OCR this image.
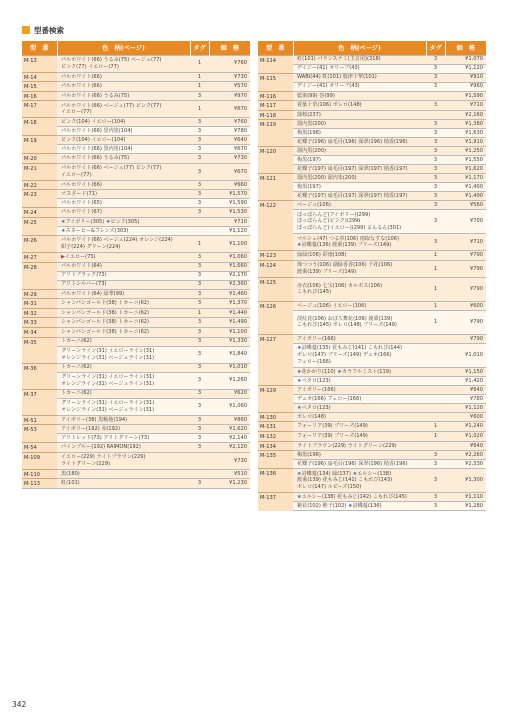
型番検索
型　番	色　柄(ページ)	タグ	価　格
M-13	パルホワイト(66) うるみ(75) ベージュ(77)
ピンク(77) イエロー(77)	1	¥760
M-14	パルホワイト(66)	1	¥730
M-15	パルホワイト(66)	1	¥570
M-16	パルホワイト(66) うるみ(75)	3	¥970
M-17	パルホワイト(66) ベージュ(77) ピンク(77)
イエロー(77)	1	¥670
M-18	ピンク(104) イエロー(104)	3	¥760
	パルホワイト(66) 黒内塗(104)	3	¥780
M-19	ピンク(104) イエロー(104)	3	¥640
	パルホワイト(66) 黒内塗(104)	3	¥670
M-20	パルホワイト(66) うるみ(75)	3	¥730
M-21	パルホワイト(66) ベージュ(77) ピンク(77)
イエロー(77)	3	¥670
M-22	パルホワイト(66)	3	¥660
M-23	マスタード(71)	3	¥1,570
	パルホワイト(65)	3	¥1,590
M-24	パルホワイト(67)	3	¥1,530
M-25	★アイボリー(305) ★ピンク(305)		¥710
	★スヌーピー&フレンズ(303)		¥1,120
M-26	パルホワイト(66) ベージュ(224) オレンジ(224)
紺子(224) グリーン(224)	1	¥1,100
M-27	▶イエロー(75)	3	¥1,060
M-28	パルホワイト(64)	3	¥1,660
	アリトブラック(73)	3	¥2,170
	アリトシルバー(73)	3	¥2,360
M-29	パルホワイト(64) 緑華(99)	3	¥1,460
M-31	シャンパンゴールド(38) トカーニ(62)	3	¥1,370
M-32	シャンパンゴールド(38) トカーニ(62)	1	¥1,440
M-33	シャンパンゴールド(38) トカーニ(62)	3	¥1,490
M-34	シャンパンゴールド(38) トカーニ(62)	3	¥1,100
M-35	トカーニ(62)	3	¥1,330
	グリーンライン(31) イエローライン(31)
オレンジライン(31) ベージュライン(31)	3	¥1,840
M-36	トカーニ(62)	3	¥1,010
	グリーンライン(31) イエローライン(31)
オレンジライン(31) ベージュライン(31)	3	¥1,260
M-37	トカーニ(62)	3	¥620
	グリーンライン(31) イエローライン(31)
オレンジライン(31) ベージュライン(31)	3	¥1,060
M-51	アイボリー(38) 黒釉地(194)	3	¥860
M-53	アイボリー(192) 赤(192)	3	¥1,620
	アリトレッド(73) アリトグリーン(73)	3	¥2,140
M-54	パインブルー(192) RAIMON(192)	3	¥2,120
M-109	イエロー(229) ライトブラウン(229)
ライトグリーン(229)		¥730
M-110	黒(180)		¥510
M-113	虹(101)	3	¥1,230
型　番	色　柄(ページ)	タグ	価　格
M-114	虹(101) パランスナミ(主音用)(318)	3	¥1,070
	デイジー(41) オリーブ(43)	3	¥1,120
M-115	WABI(44) 虹(101) 鹿津十華(101)	3	¥910
	デイジー(41) オリーブ(43)	3	¥960
M-116	藍染(99) 巻(99)		¥1,590
M-117	着葉十草(106) ボレロ(148)	3	¥710
M-118	蒲桜(237)		¥2,160
M-119	溜内黒(200)	3	¥1,380
	梅黒(196)	3	¥1,630
	花蝶子(196) 扇毛目(196) 深翠(196) 梢香(196)	3	¥1,910
M-120	溜内黒(200)	3	¥1,250
	梅黒(197)	3	¥1,550
	花蝶子(197) 扇毛目(197) 深翠(197) 梢香(197)	3	¥1,620
M-121	溜内黒(200) 溜内朱(200)	3	¥1,170
	梅黒(197)	3	¥1,400
	花蝶子(197) 扇毛目(197) 深翠(197) 梢香(197)	3	¥1,490
M-122	ベージュ(106)	3	¥560
	ぽっぽらんど(アイボリー)(299)
ぽっぽらんど(ピンク)(299)
ぽっぽらんど(イエロー)(299) るんるん(301)	3	¥700
	マルシェ(47) つる草(106) 雨取なすな(106)
★詩蝶蔓(136) 渡乗(139) ブリーズ(149)	3	¥710
M-123	緑緑(106) 彩雨(108)	1	¥790
M-124	珠つつう(106) 湖緑香香(106) 千花(106)
渡乗(139) ブリーズ(149)	1	¥790
M-125	赤衣(106) 七宝(106) カルボス(106)
こもれび(145)	1	¥790
M-126	ベージュ(106) イエロー(106)	1	¥600
	淡紅花(106) おぼろ舞花(106) 渡乗(139)
こもれび(145) ボレロ(148) ブリーズ(149)	1	¥790
M-127	アイボリー(166)		¥790
	★詩蝶蔓(135) 花もみじ(141) こもれび(144)
ボレロ(147) ブリーズ(149) デュオ(166)
フェロー(166)		¥1,010
	★花かがり(110) ★カラフルミスト(119)		¥1,150
	★ペタロ(123)		¥1,420
M-129	アイボリー(166)		¥640
	デュオ(166) フェロー(166)		¥780
	★ペタロ(123)		¥1,120
M-130	ボレロ(148)		¥600
M-131	フォーリア(39) ブリーズ(149)	1	¥1,240
M-132	フォーリア(39) ブリーズ(149)	1	¥1,020
M-134	ライトブラウン(229) ライトグリーン(229)		¥640
M-135	梅黒(196)	3	¥2,260
	花蝶子(196) 扇毛目(196) 深翠(196) 梢香(196)	3	¥2,330
M-136	★詩蝶蔓(134) 緑(137) ★エルシー(138)
渡乗(139) 花もみじ(141) こもれび(143)
ボレロ(147) ルピーズ(150)	3	¥1,300
M-137	★エルシー(138) 花もみじ(142) こもれび(145)	3	¥1,110
	紫花(102) 椎子(102) ★詩蝶蔓(136)	3	¥1,280
342
